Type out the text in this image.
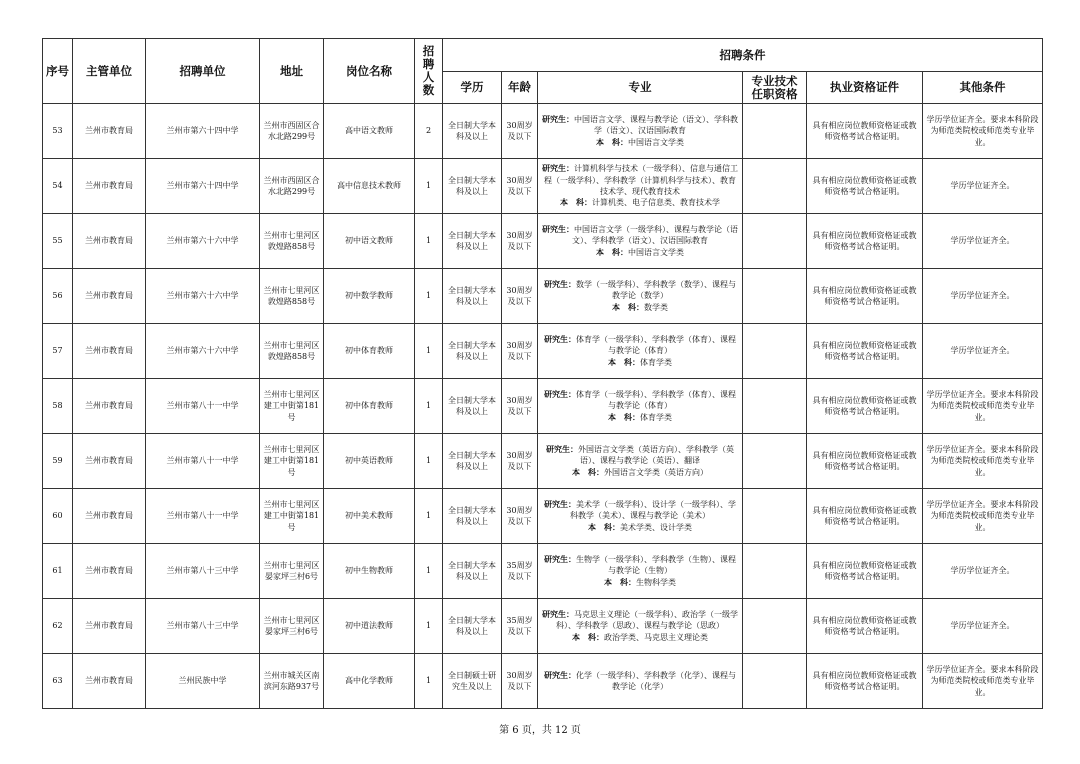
序号	主管单位	招聘单位	地址	岗位名称	招聘人数	招聘条件					
						学历	年龄	专业	专业技术任职资格	执业资格证件	其他条件
53	兰州市教育局	兰州市第六十四中学	兰州市西固区合水北路299号	高中语文教师	2	全日制大学本科及以上	30周岁及以下	研究生：中国语言文学、课程与教学论（语文）、学科教学（语文）、汉语国际教育
本　科：中国语言文学类		具有相应岗位教师资格证或教师资格考试合格证明。	学历学位证齐全。要求本科阶段为师范类院校或师范类专业毕业。
54	兰州市教育局	兰州市第六十四中学	兰州市西固区合水北路299号	高中信息技术教师	1	全日制大学本科及以上	30周岁及以下	研究生：计算机科学与技术（一级学科）、信息与通信工程（一级学科）、学科教学（计算机科学与技术）、教育技术学、现代教育技术
本　科：计算机类、电子信息类、教育技术学		具有相应岗位教师资格证或教师资格考试合格证明。	学历学位证齐全。
55	兰州市教育局	兰州市第六十六中学	兰州市七里河区敦煌路858号	初中语文教师	1	全日制大学本科及以上	30周岁及以下	研究生：中国语言文学（一级学科）、课程与教学论（语文）、学科教学（语文）、汉语国际教育
本　科：中国语言文学类		具有相应岗位教师资格证或教师资格考试合格证明。	学历学位证齐全。
56	兰州市教育局	兰州市第六十六中学	兰州市七里河区敦煌路858号	初中数学教师	1	全日制大学本科及以上	30周岁及以下	研究生：数学（一级学科）、学科教学（数学）、课程与教学论（数学）
本　科：数学类		具有相应岗位教师资格证或教师资格考试合格证明。	学历学位证齐全。
57	兰州市教育局	兰州市第六十六中学	兰州市七里河区敦煌路858号	初中体育教师	1	全日制大学本科及以上	30周岁及以下	研究生：体育学（一级学科）、学科教学（体育）、课程与教学论（体育）
本　科：体育学类		具有相应岗位教师资格证或教师资格考试合格证明。	学历学位证齐全。
58	兰州市教育局	兰州市第八十一中学	兰州市七里河区建工中街第181号	初中体育教师	1	全日制大学本科及以上	30周岁及以下	研究生：体育学（一级学科）、学科教学（体育）、课程与教学论（体育）
本　科：体育学类		具有相应岗位教师资格证或教师资格考试合格证明。	学历学位证齐全。要求本科阶段为师范类院校或师范类专业毕业。
59	兰州市教育局	兰州市第八十一中学	兰州市七里河区建工中街第181号	初中英语教师	1	全日制大学本科及以上	30周岁及以下	研究生：外国语言文学类（英语方向）、学科教学（英语）、课程与教学论（英语）、翻译
本　科：外国语言文学类（英语方向）		具有相应岗位教师资格证或教师资格考试合格证明。	学历学位证齐全。要求本科阶段为师范类院校或师范类专业毕业。
60	兰州市教育局	兰州市第八十一中学	兰州市七里河区建工中街第181号	初中美术教师	1	全日制大学本科及以上	30周岁及以下	研究生：美术学（一级学科）、设计学（一级学科）、学科教学（美术）、课程与教学论（美术）
本　科：美术学类、设计学类		具有相应岗位教师资格证或教师资格考试合格证明。	学历学位证齐全。要求本科阶段为师范类院校或师范类专业毕业。
61	兰州市教育局	兰州市第八十三中学	兰州市七里河区晏家坪三村6号	初中生物教师	1	全日制大学本科及以上	35周岁及以下	研究生：生物学（一级学科）、学科教学（生物）、课程与教学论（生物）
本　科：生物科学类		具有相应岗位教师资格证或教师资格考试合格证明。	学历学位证齐全。
62	兰州市教育局	兰州市第八十三中学	兰州市七里河区晏家坪三村6号	初中道法教师	1	全日制大学本科及以上	35周岁及以下	研究生：马克思主义理论（一级学科）、政治学（一级学科）、学科教学（思政）、课程与教学论（思政）
本　科：政治学类、马克思主义理论类		具有相应岗位教师资格证或教师资格考试合格证明。	学历学位证齐全。
63	兰州市教育局	兰州民族中学	兰州市城关区南滨河东路937号	高中化学教师	1	全日制硕士研究生及以上	30周岁及以下	研究生：化学（一级学科）、学科教学（化学）、课程与教学论（化学）		具有相应岗位教师资格证或教师资格考试合格证明。	学历学位证齐全。要求本科阶段为师范类院校或师范类专业毕业。
第 6 页，共 12 页
